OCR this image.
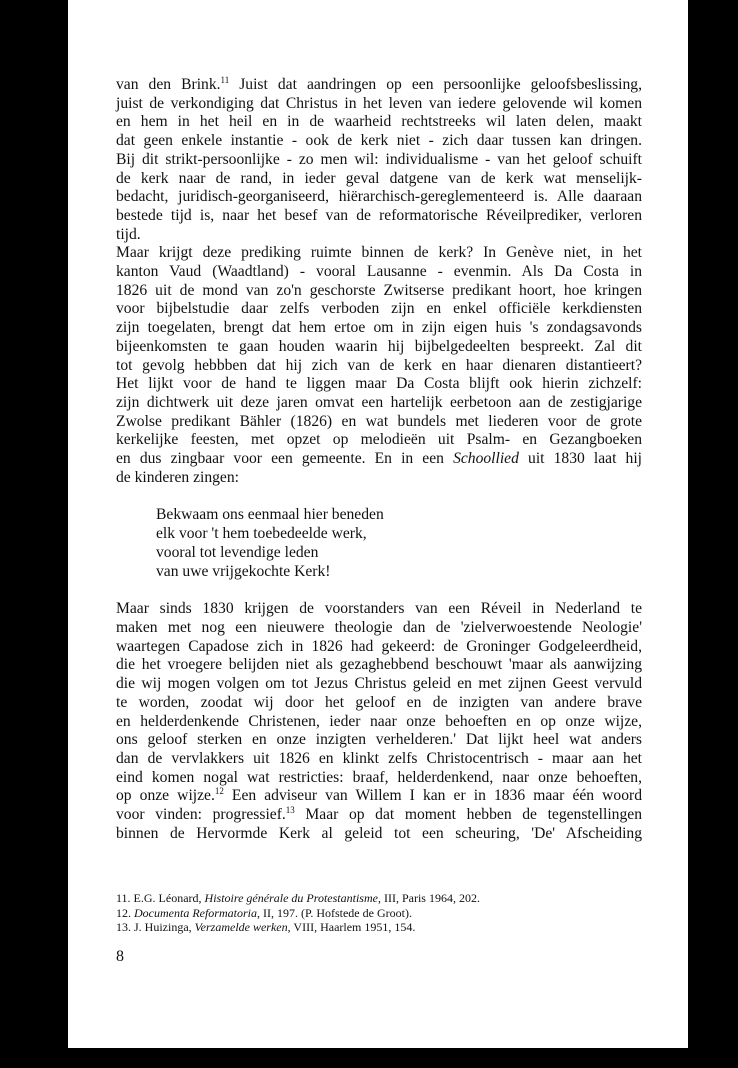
van den Brink.$^{11}$ Juist dat aandringen op een persoonlijke geloofsbeslissing,
juist de verkondiging dat Christus in het leven van iedere gelovende wil komen
en hem in het heil en in de waarheid rechtstreeks wil laten delen, maakt
dat geen enkele instantie - ook de kerk niet - zich daar tussen kan dringen.
Bij dit strikt-persoonlijke - zo men wil: individualisme - van het geloof schuift
de kerk naar de rand, in ieder geval datgene van de kerk wat menselijk-
bedacht, juridisch-georganiseerd, hiërarchisch-gereglementeerd is. Alle daaraan
bestede tijd is, naar het besef van de reformatorische Réveilprediker, verloren
tijd.
Maar krijgt deze prediking ruimte binnen de kerk? In Genève niet, in het
kanton Vaud (Waadtland) - vooral Lausanne - evenmin. Als Da Costa in
1826 uit de mond van zo'n geschorste Zwitserse predikant hoort, hoe kringen
voor bijbelstudie daar zelfs verboden zijn en enkel officiële kerkdiensten
zijn toegelaten, brengt dat hem ertoe om in zijn eigen huis 's zondagsavonds
bijeenkomsten te gaan houden waarin hij bijbelgedeelten bespreekt. Zal dit
tot gevolg hebbben dat hij zich van de kerk en haar dienaren distantieert?
Het lijkt voor de hand te liggen maar Da Costa blijft ook hierin zichzelf:
zijn dichtwerk uit deze jaren omvat een hartelijk eerbetoon aan de zestigjarige
Zwolse predikant Bähler (1826) en wat bundels met liederen voor de grote
kerkelijke feesten, met opzet op melodieën uit Psalm- en Gezangboeken
en dus zingbaar voor een gemeente. En in een Schoollied uit 1830 laat hij
de kinderen zingen:
Bekwaam ons eenmaal hier beneden
elk voor 't hem toebedeelde werk,
vooral tot levendige leden
van uwe vrijgekochte Kerk!
Maar sinds 1830 krijgen de voorstanders van een Réveil in Nederland te
maken met nog een nieuwere theologie dan de 'zielverwoestende Neologie'
waartegen Capadose zich in 1826 had gekeerd: de Groninger Godgeleerdheid,
die het vroegere belijden niet als gezaghebbend beschouwt 'maar als aanwijzing
die wij mogen volgen om tot Jezus Christus geleid en met zijnen Geest vervuld
te worden, zoodat wij door het geloof en de inzigten van andere brave
en helderdenkende Christenen, ieder naar onze behoeften en op onze wijze,
ons geloof sterken en onze inzigten verhelderen.' Dat lijkt heel wat anders
dan de vervlakkers uit 1826 en klinkt zelfs Christocentrisch - maar aan het
eind komen nogal wat restricties: braaf, helderdenkend, naar onze behoeften,
op onze wijze.$^{12}$ Een adviseur van Willem I kan er in 1836 maar één woord
voor vinden: progressief.$^{13}$ Maar op dat moment hebben de tegenstellingen
binnen de Hervormde Kerk al geleid tot een scheuring, 'De' Afscheiding
11. E.G. Léonard, Histoire générale du Protestantisme, III, Paris 1964, 202.
12. Documenta Reformatoria, II, 197. (P. Hofstede de Groot).
13. J. Huizinga, Verzamelde werken, VIII, Haarlem 1951, 154.
8
